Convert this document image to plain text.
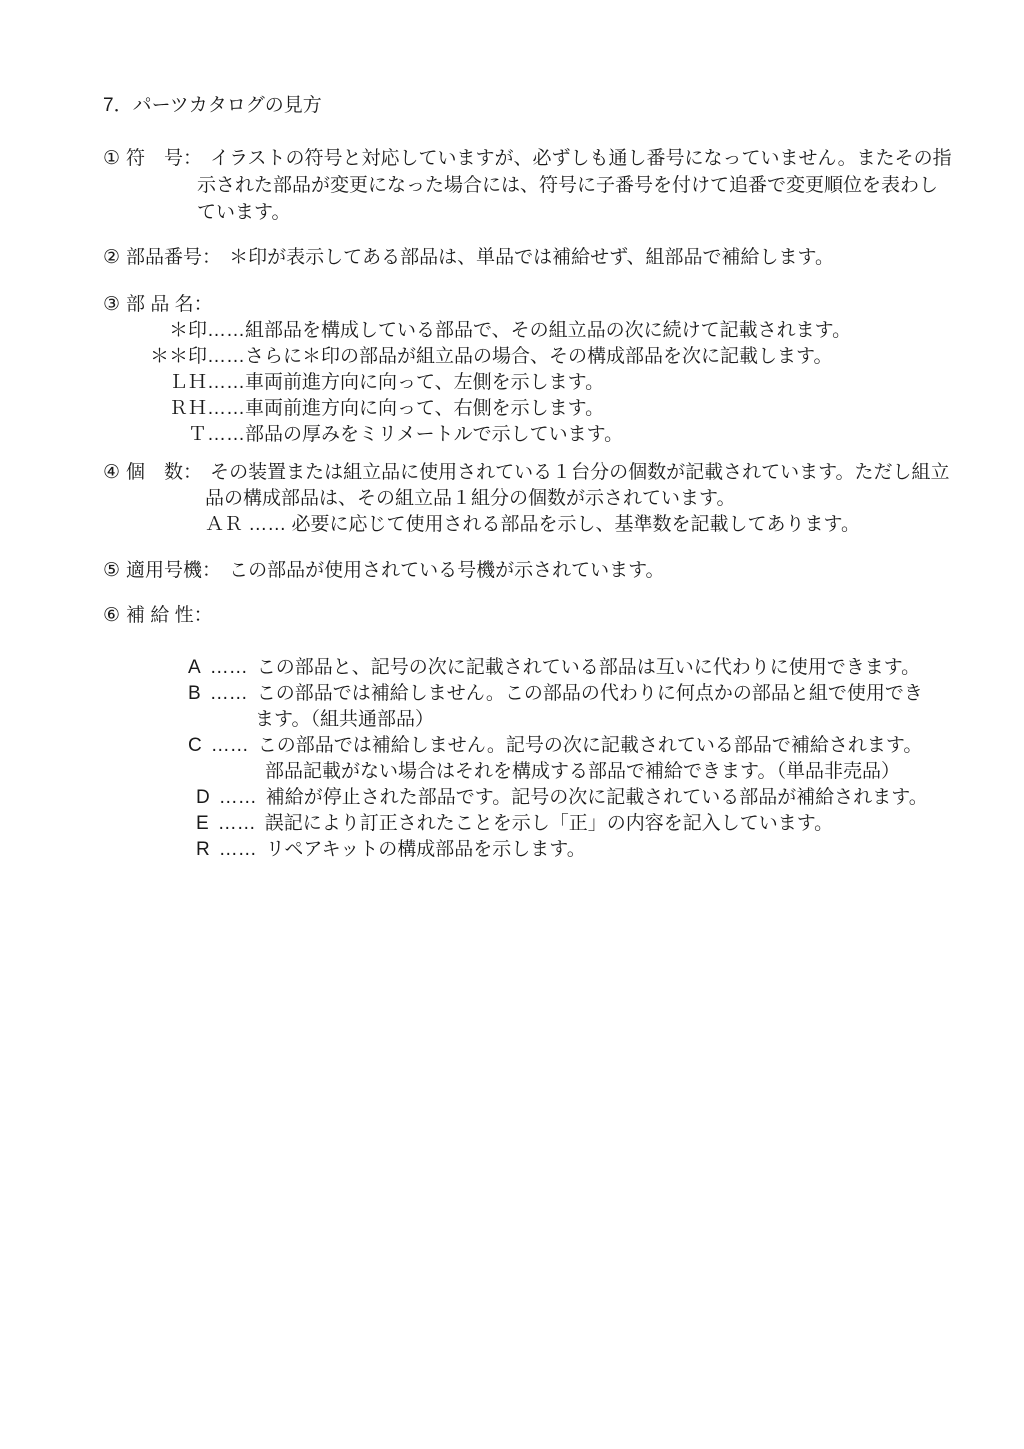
7．パーツカタログの見方
① 符　号： イラストの符号と対応していますが、必ずしも通し番号になっていません。またその指
示された部品が変更になった場合には、符号に子番号を付けて追番で変更順位を表わし
ています。
② 部品番号： ＊印が表示してある部品は、単品では補給せず、組部品で補給します。
③ 部 品 名：
＊印 …… 組部品を構成している部品で、その組立品の次に続けて記載されます。
＊＊印 …… さらに＊印の部品が組立品の場合、その構成部品を次に記載します。
ＬＨ …… 車両前進方向に向って、左側を示します。
ＲＨ …… 車両前進方向に向って、右側を示します。
Ｔ …… 部品の厚みをミリメートルで示しています。
④ 個　数： その装置または組立品に使用されている１台分の個数が記載されています。ただし組立
品の構成部品は、その組立品１組分の個数が示されています。
ＡＲ …… 必要に応じて使用される部品を示し、基準数を記載してあります。
⑤ 適用号機： この部品が使用されている号機が示されています。
⑥ 補 給 性：
A …… この部品と、記号の次に記載されている部品は互いに代わりに使用できます。
B …… この部品では補給しません。この部品の代わりに何点かの部品と組で使用でき
ます。（組共通部品）
C …… この部品では補給しません。記号の次に記載されている部品で補給されます。
部品記載がない場合はそれを構成する部品で補給できます。（単品非売品）
D …… 補給が停止された部品です。記号の次に記載されている部品が補給されます。
E …… 誤記により訂正されたことを示し「正」の内容を記入しています。
R …… リペアキットの構成部品を示します。
